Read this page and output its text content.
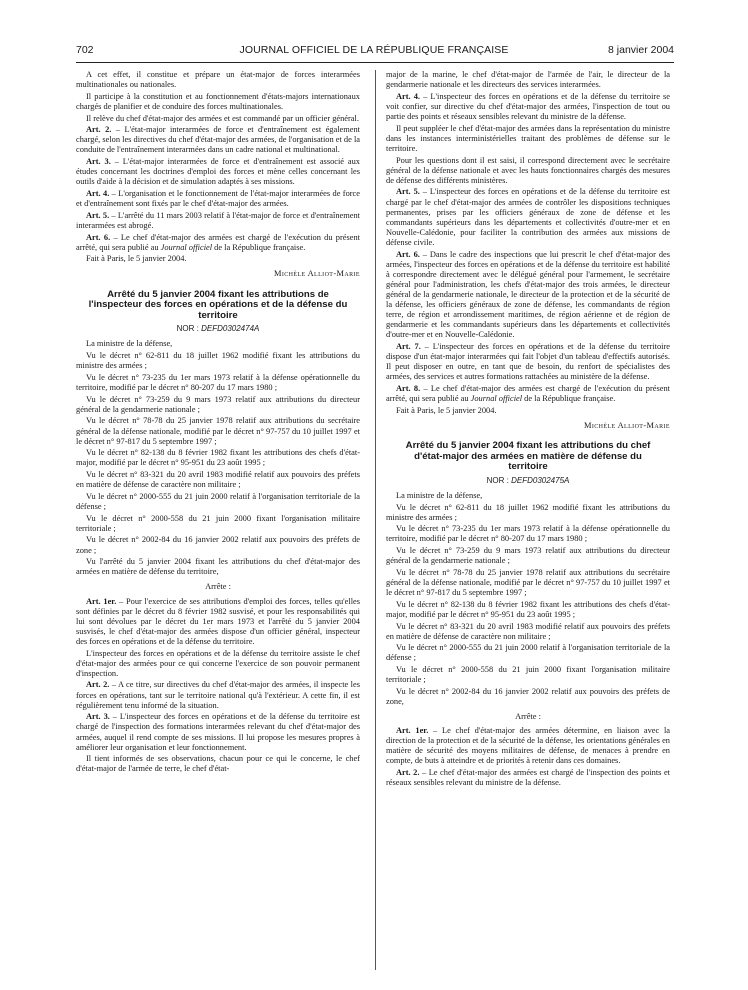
702	JOURNAL OFFICIEL DE LA RÉPUBLIQUE FRANÇAISE	8 janvier 2004

A cet effet, il constitue et prépare un état-major de forces interarmées multinationales ou nationales.

Il participe à la constitution et au fonctionnement d'états-majors internationaux chargés de planifier et de conduire des forces multinationales.

Il relève du chef d'état-major des armées et est commandé par un officier général.

Art. 2. – L'état-major interarmées de force et d'entraînement est également chargé, selon les directives du chef d'état-major des armées, de l'organisation et de la conduite de l'entraînement interarmées dans un cadre national et multinational.

Art. 3. – L'état-major interarmées de force et d'entraînement est associé aux études concernant les doctrines d'emploi des forces et mène celles concernant les outils d'aide à la décision et de simulation adaptés à ses missions.

Art. 4. – L'organisation et le fonctionnement de l'état-major interarmées de force et d'entraînement sont fixés par le chef d'état-major des armées.

Art. 5. – L'arrêté du 11 mars 2003 relatif à l'état-major de force et d'entraînement interarmées est abrogé.

Art. 6. – Le chef d'état-major des armées est chargé de l'exécution du présent arrêté, qui sera publié au Journal officiel de la République française.

Fait à Paris, le 5 janvier 2004.

Michèle Alliot-Marie

Arrêté du 5 janvier 2004 fixant les attributions de l'inspecteur des forces en opérations et de la défense du territoire

NOR : DEFD0302474A

La ministre de la défense,

Vu le décret n° 62-811 du 18 juillet 1962 modifié fixant les attributions du ministre des armées ;

Vu le décret n° 73-235 du 1er mars 1973 relatif à la défense opérationnelle du territoire, modifié par le décret n° 80-207 du 17 mars 1980 ;

Vu le décret n° 73-259 du 9 mars 1973 relatif aux attributions du directeur général de la gendarmerie nationale ;

Vu le décret n° 78-78 du 25 janvier 1978 relatif aux attributions du secrétaire général de la défense nationale, modifié par le décret n° 97-757 du 10 juillet 1997 et le décret n° 97-817 du 5 septembre 1997 ;

Vu le décret n° 82-138 du 8 février 1982 fixant les attributions des chefs d'état-major, modifié par le décret n° 95-951 du 23 août 1995 ;

Vu le décret n° 83-321 du 20 avril 1983 modifié relatif aux pouvoirs des préfets en matière de défense de caractère non militaire ;

Vu le décret n° 2000-555 du 21 juin 2000 relatif à l'organisation territoriale de la défense ;

Vu le décret n° 2000-558 du 21 juin 2000 fixant l'organisation militaire territoriale ;

Vu le décret n° 2002-84 du 16 janvier 2002 relatif aux pouvoirs des préfets de zone ;

Vu l'arrêté du 5 janvier 2004 fixant les attributions du chef d'état-major des armées en matière de défense du territoire,

Arrête :

Art. 1er. – Pour l'exercice de ses attributions d'emploi des forces, telles qu'elles sont définies par le décret du 8 février 1982 susvisé, et pour les responsabilités qui lui sont dévolues par le décret du 1er mars 1973 et l'arrêté du 5 janvier 2004 susvisés, le chef d'état-major des armées dispose d'un officier général, inspecteur des forces en opérations et de la défense du territoire.

L'inspecteur des forces en opérations et de la défense du territoire assiste le chef d'état-major des armées pour ce qui concerne l'exercice de son pouvoir permanent d'inspection.

Art. 2. – A ce titre, sur directives du chef d'état-major des armées, il inspecte les forces en opérations, tant sur le territoire national qu'à l'extérieur. A cette fin, il est régulièrement tenu informé de la situation.

Art. 3. – L'inspecteur des forces en opérations et de la défense du territoire est chargé de l'inspection des formations interarmées relevant du chef d'état-major des armées, auquel il rend compte de ses missions. Il lui propose les mesures propres à améliorer leur organisation et leur fonctionnement.

Il tient informés de ses observations, chacun pour ce qui le concerne, le chef d'état-major de l'armée de terre, le chef d'état-

major de la marine, le chef d'état-major de l'armée de l'air, le directeur de la gendarmerie nationale et les directeurs des services interarmées.

Art. 4. – L'inspecteur des forces en opérations et de la défense du territoire se voit confier, sur directive du chef d'état-major des armées, l'inspection de tout ou partie des points et réseaux sensibles relevant du ministre de la défense.

Il peut suppléer le chef d'état-major des armées dans la représentation du ministre dans les instances interministérielles traitant des problèmes de défense sur le territoire.

Pour les questions dont il est saisi, il correspond directement avec le secrétaire général de la défense nationale et avec les hauts fonctionnaires chargés des mesures de défense des différents ministères.

Art. 5. – L'inspecteur des forces en opérations et de la défense du territoire est chargé par le chef d'état-major des armées de contrôler les dispositions techniques permanentes, prises par les officiers généraux de zone de défense et les commandants supérieurs dans les départements et collectivités d'outre-mer et en Nouvelle-Calédonie, pour faciliter la contribution des armées aux missions de défense civile.

Art. 6. – Dans le cadre des inspections que lui prescrit le chef d'état-major des armées, l'inspecteur des forces en opérations et de la défense du territoire est habilité à correspondre directement avec le délégué général pour l'armement, le secrétaire général pour l'administration, les chefs d'état-major des trois armées, le directeur général de la gendarmerie nationale, le directeur de la protection et de la sécurité de la défense, les officiers généraux de zone de défense, les commandants de région terre, de région et arrondissement maritimes, de région aérienne et de région de gendarmerie et les commandants supérieurs dans les départements et collectivités d'outre-mer et en Nouvelle-Calédonie.

Art. 7. – L'inspecteur des forces en opérations et de la défense du territoire dispose d'un état-major interarmées qui fait l'objet d'un tableau d'effectifs autorisés. Il peut disposer en outre, en tant que de besoin, du renfort de spécialistes des armées, des services et autres formations rattachées au ministère de la défense.

Art. 8. – Le chef d'état-major des armées est chargé de l'exécution du présent arrêté, qui sera publié au Journal officiel de la République française.

Fait à Paris, le 5 janvier 2004.

Michèle Alliot-Marie

Arrêté du 5 janvier 2004 fixant les attributions du chef d'état-major des armées en matière de défense du territoire

NOR : DEFD0302475A

La ministre de la défense,

Vu le décret n° 62-811 du 18 juillet 1962 modifié fixant les attributions du ministre des armées ;

Vu le décret n° 73-235 du 1er mars 1973 relatif à la défense opérationnelle du territoire, modifié par le décret n° 80-207 du 17 mars 1980 ;

Vu le décret n° 73-259 du 9 mars 1973 relatif aux attributions du directeur général de la gendarmerie nationale ;

Vu le décret n° 78-78 du 25 janvier 1978 relatif aux attributions du secrétaire général de la défense nationale, modifié par le décret n° 97-757 du 10 juillet 1997 et le décret n° 97-817 du 5 septembre 1997 ;

Vu le décret n° 82-138 du 8 février 1982 fixant les attributions des chefs d'état-major, modifié par le décret n° 95-951 du 23 août 1995 ;

Vu le décret n° 83-321 du 20 avril 1983 modifié relatif aux pouvoirs des préfets en matière de défense de caractère non militaire ;

Vu le décret n° 2000-555 du 21 juin 2000 relatif à l'organisation territoriale de la défense ;

Vu le décret n° 2000-558 du 21 juin 2000 fixant l'organisation militaire territoriale ;

Vu le décret n° 2002-84 du 16 janvier 2002 relatif aux pouvoirs des préfets de zone,

Arrête :

Art. 1er. – Le chef d'état-major des armées détermine, en liaison avec la direction de la protection et de la sécurité de la défense, les orientations générales en matière de sécurité des moyens militaires de défense, de menaces à prendre en compte, de buts à atteindre et de priorités à retenir dans ces domaines.

Art. 2. – Le chef d'état-major des armées est chargé de l'inspection des points et réseaux sensibles relevant du ministre de la défense.
